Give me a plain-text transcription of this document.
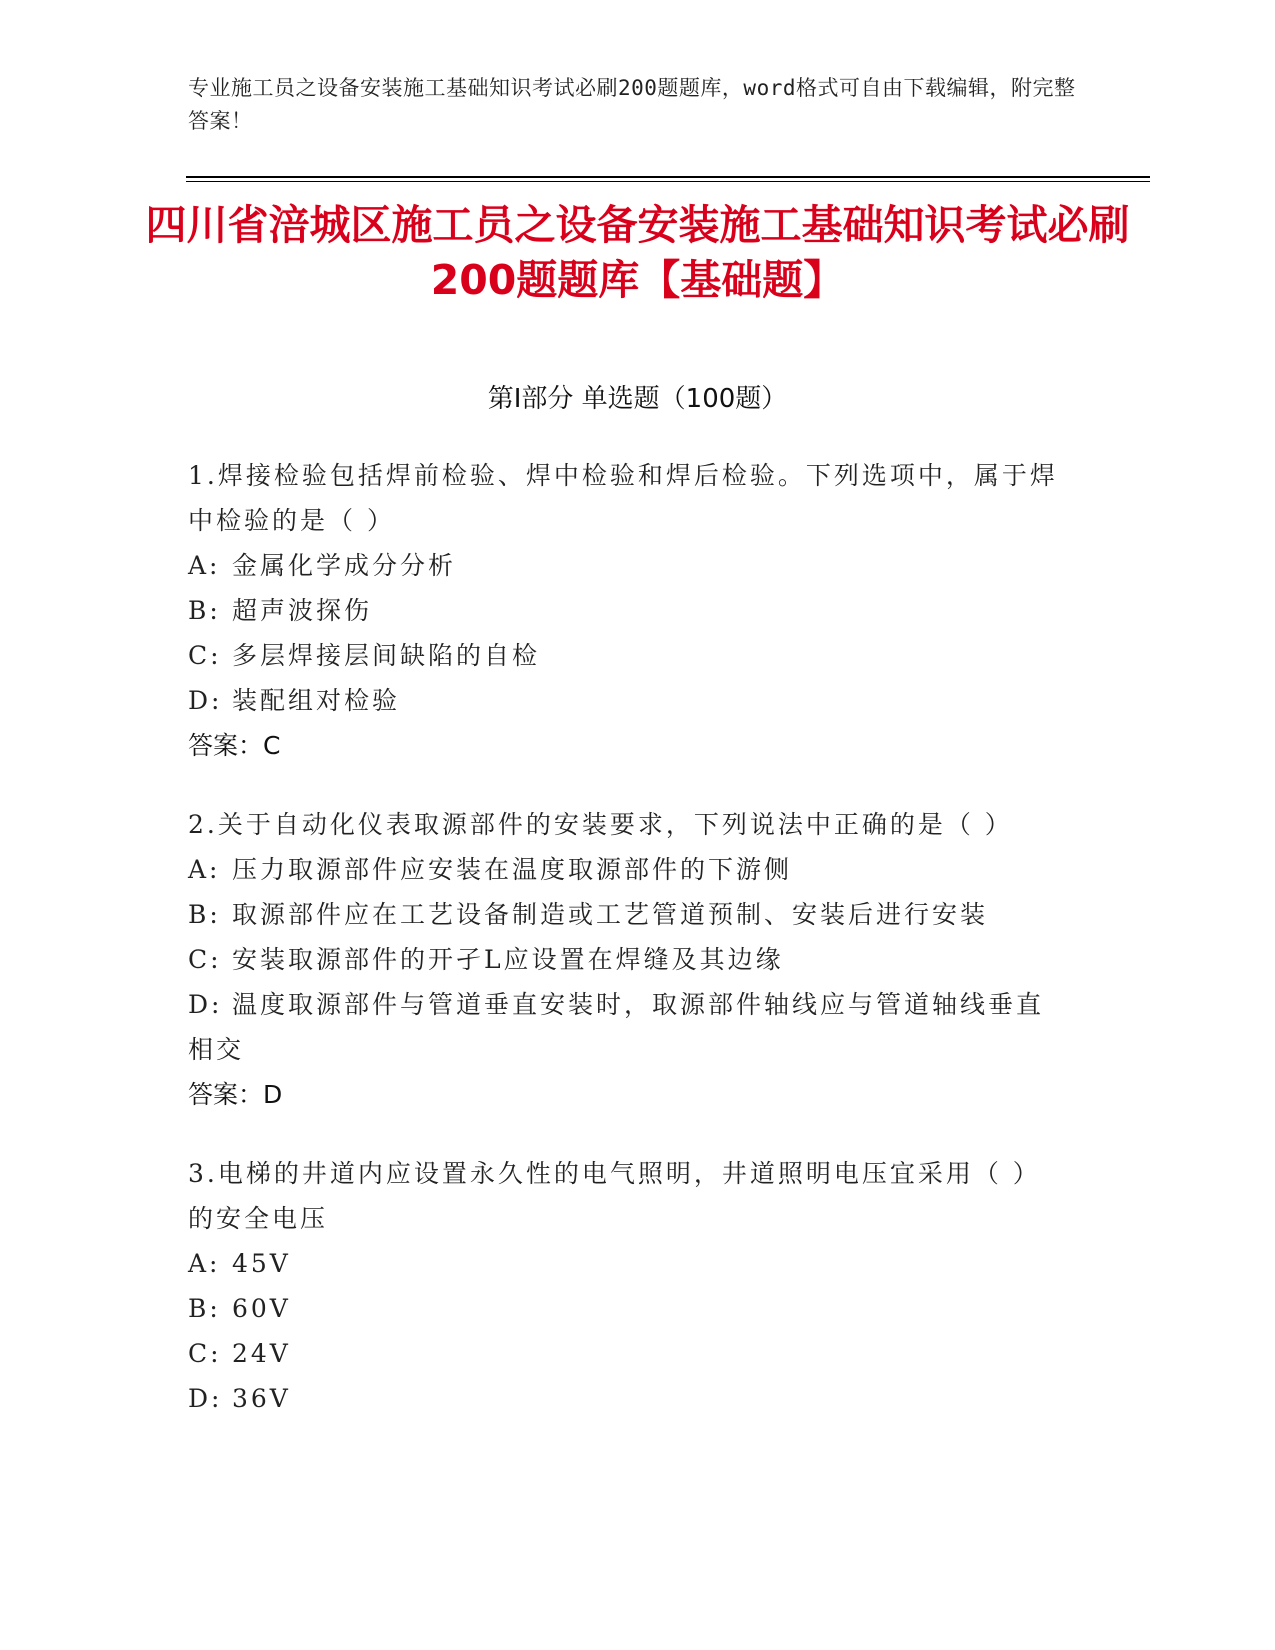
专业施工员之设备安装施工基础知识考试必刷200题题库，word格式可自由下载编辑，附完整答案！
四川省涪城区施工员之设备安装施工基础知识考试必刷200题题库【基础题】
第I部分 单选题（100题）

1.焊接检验包括焊前检验、焊中检验和焊后检验。下列选项中，属于焊中检验的是（ ）

A: 金属化学成分分析

B: 超声波探伤

C: 多层焊接层间缺陷的自检

D: 装配组对检验

答案：C

2.关于自动化仪表取源部件的安装要求，下列说法中正确的是（ ）

A: 压力取源部件应安装在温度取源部件的下游侧

B: 取源部件应在工艺设备制造或工艺管道预制、安装后进行安装

C: 安装取源部件的开孑L应设置在焊缝及其边缘

D: 温度取源部件与管道垂直安装时，取源部件轴线应与管道轴线垂直相交

答案：D

3.电梯的井道内应设置永久性的电气照明，井道照明电压宜采用（ ）的安全电压

A: 45V

B: 60V

C: 24V

D: 36V
